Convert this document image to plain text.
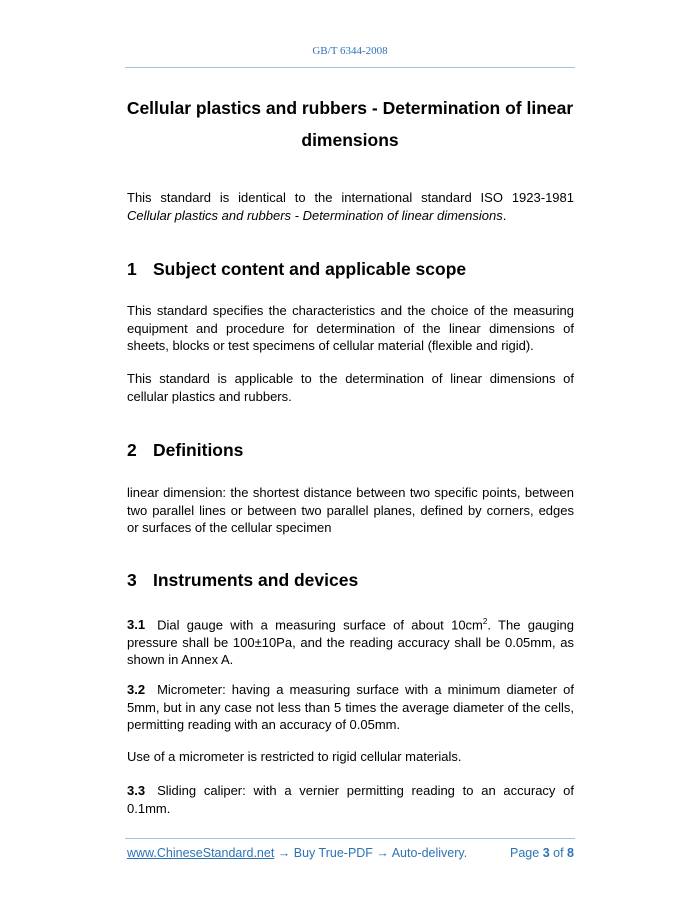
GB/T 6344-2008
Cellular plastics and rubbers - Determination of linear
dimensions

This standard is identical to the international standard ISO 1923-1981 Cellular plastics and rubbers - Determination of linear dimensions.

1 Subject content and applicable scope

This standard specifies the characteristics and the choice of the measuring equipment and procedure for determination of the linear dimensions of sheets, blocks or test specimens of cellular material (flexible and rigid).

This standard is applicable to the determination of linear dimensions of cellular plastics and rubbers.

2 Definitions

linear dimension: the shortest distance between two specific points, between two parallel lines or between two parallel planes, defined by corners, edges or surfaces of the cellular specimen

3 Instruments and devices

3.1 Dial gauge with a measuring surface of about $10cm^2$. The gauging pressure shall be 100±10Pa, and the reading accuracy shall be 0.05mm, as shown in Annex A.

3.2 Micrometer: having a measuring surface with a minimum diameter of 5mm, but in any case not less than 5 times the average diameter of the cells, permitting reading with an accuracy of 0.05mm.

Use of a micrometer is restricted to rigid cellular materials.

3.3 Sliding caliper: with a vernier permitting reading to an accuracy of 0.1mm.

www.ChineseStandard.net → Buy True-PDF → Auto-delivery.	Page 3 of 8
